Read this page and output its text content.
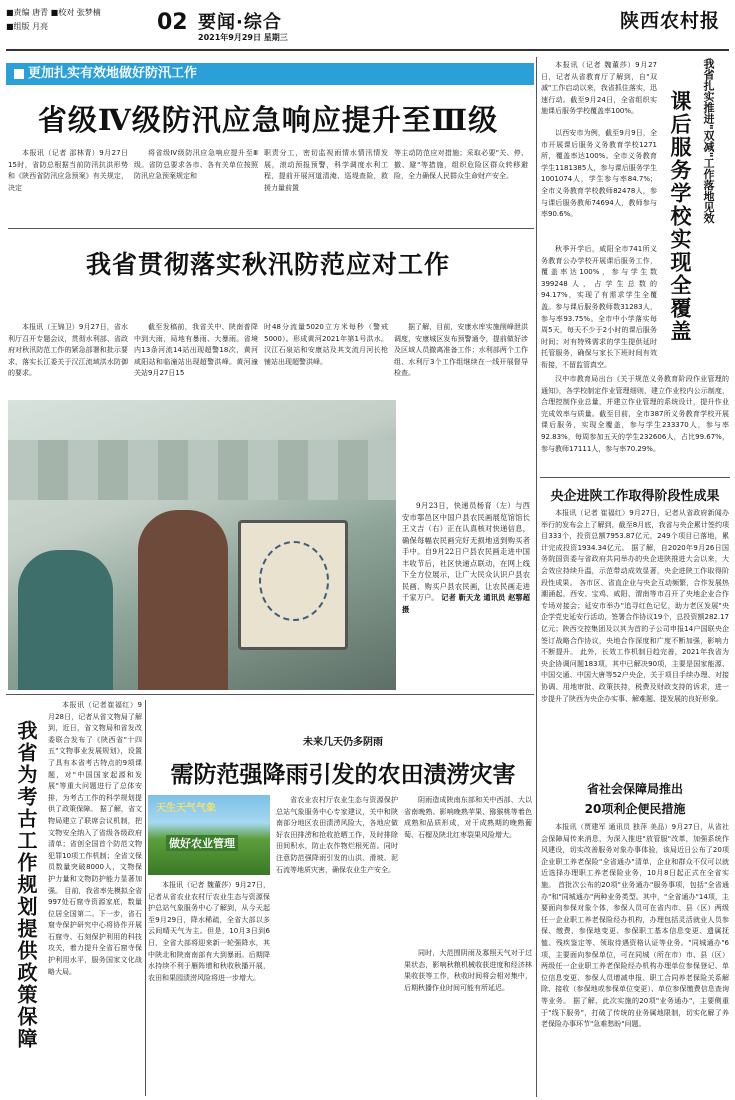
■责编 唐青 ■校对 张梦楠
■组版 月亮	02 要闻·综合
2021年9月29日 星期三
陕西农村报
更加扎实有效地做好防汛工作
省级Ⅳ级防汛应急响应提升至Ⅲ级
本报讯（记者 邵林青）9月27日15时，省防总根据当前防汛抗洪形势和《陕西省防汛应急预案》有关规定，决定
将省级Ⅳ级防汛应急响应提升至Ⅲ级。省防总要求各市、各有关单位按照防汛应急预案规定和
职责分工，密切监视雨情水情汛情发展，滚动预报预警，科学调度水利工程，提前开展河道清淹、巡堤查险，救援力量前置
等主动防范应对措施；采取必要"关、停、撤、避"等措施，组织危险区群众转移避险，全力确保人民群众生命财产安全。
我省贯彻落实秋汛防范应对工作
本报讯（王锦卫）9月27日，省水利厅召开专题会议，贯彻水利部、省政府对秋汛防范工作的紧急部署和批示要求，落实长江委关于汉江流域洪水防御的要求。
截至发稿前，我省关中、陕南普降中到大雨，局地有暴雨、大暴雨。省境内13条河流14站出现超警18次，黄河咸阳站和临潼站出现超警洪峰。黄河潼关站9月27日15
时48分流量5020立方米每秒（警戒5000）。形成黄河2021年第1号洪水。汉江石泉站和安康站及其支流月河长枪铺站出现超警洪峰。
据了解，目前，安康水库实施削峰泄洪调度，安康城区发布预警通令，提前做好涉及区域人员撤离准备工作；水利部两个工作组、水利厅3个工作组继续在一线开展督导检查。
9月23日，快递员杨育（左）与西安市鄠邑区中国户县农民画展览馆馆长王文吉（右）正在认真核对快递信息，确保每幅农民画完好无损地送到购买者手中。自9月22日户县农民画走进中国丰收节后，社区快递点联动，在网上线下全方位展示，让广大民众认识户县农民画、购买户县农民画，让农民画走进千家万户。 记者 靳天龙 通讯员 赵鄠超 摄
我省扎实推进"双减"工作落地见效
课后服务学校实现全覆盖
本报讯（记者 魏董莎）9月27日，记者从省教育厅了解到，自"双减"工作启动以来，我省抓住落实，迅速行动。截至9月24日，全省组织实施课后服务学校覆盖率100%。
以西安市为例，截至9月9日，全市开展课后服务义务教育学校1271所，覆盖率达100%。全市义务教育学生1181385人，参与课后服务学生1001074人，学生参与率84.7%；全市义务教育学校教师82478人，参与课后服务教师74694人，教师参与率90.6%。
秋季开学后，咸阳全市741所义务教育公办学校开展课后服务工作，覆盖率达100%，参与学生数399248人，占学生总数的94.17%，实现了有需求学生全覆盖。参与课后服务教师数31283人，参与率93.75%。全市中小学落实每周5天，每天不少于2小时的课后服务时间；对有特殊需求的学生提供延时托管服务，确保与家长下班时间有效衔接，不留监管真空。
汉中市教育局出台《关于规范义务教育阶段作业管理的通知》，各学校制定作业管理细则，建立作业校内公示制度，合理控制作业总量，并建立作业管理的系统设计，提升作业完成效率与质量。截至目前，全市387所义务教育学校开展课后服务，实现全覆盖，参与学生233370人，参与率92.83%，每周参加五天的学生232606人，占比99.67%，参与教师17111人，参与率70.29%。
央企进陕工作取得阶段性成果
本报讯（记者 崔福红）9月27日，记者从省政府新闻办举行的发布会上了解到，截至8月底，我省与央企累计签约项目333个，投资总额7953.87亿元，249个项目已落地，累计完成投资1934.34亿元。 据了解，自2020年9月26日国务院国资委与省政府共同举办的央企进陕推进大会以来，大会效应持续升温，示范带动成效显著，央企进陕工作取得阶段性成果。 各市区、省直企业与央企互动频繁，合作发展热潮涌起，西安、宝鸡、咸阳、渭南等市召开了央地企业合作专场对接会；延安市举办"追寻红色记忆，助力老区发展"央企学党史延安行活动，签署合作协议19个，总投资额282.17亿元；陕西交控集团及以其为首的子公司申报14户国联央企签订战略合作协议，央地合作深度和广度不断加强，影响力不断提升。 此外，长效工作机制日趋完善，2021年我省为央企协调问题183项，其中已解决90项，主要是国家能源、中国交通、中国大唐等52户央企，关于项目手续办理、对接协调、用地审批、政策扶持，税费及财政支持的诉求，进一步提升了陕西为央企办实事、解难题、提发展的良好形象。
省社会保障局推出
20项利企便民措施
本报讯（贾建军 通讯员 独萍 美品）9月27日，从省社会保障局传来消息，为深入推进"放管服"改革，加强系统作风建设，切实改善服务对象办事体验，该局近日公布了20项企业职工养老保险"全省通办"清单，企业和群众不仅可以就近选择办理职工养老保险业务，10月8日起正式在全省实施。 首批次公布的20项"业务通办"服务事项，包括"全省通办"和"同城通办"两种业务类型。其中，"全省通办"14项，主要面向参保对象个体，参保人员可在省内市、县（区）两级任一企业职工养老保险经办机构，办理包括灵活就业人员参保、缴费、参保地变更、参保职工基本信息变更、遗属抚恤、残疾鉴定等、领取待遇资格认证等业务。"同城通办"6项，主要面向参保单位，可在同城（所在市）市、县（区）两级任一企业职工养老保险经办机构办理单位参保登记、单位信息变更、参保人员增减申报、职工合同养老保险关系解除、接收（参保地或参保单位变更）、单位参保缴费信息查询等业务。 据了解，此次实施的20项"业务通办"，主要侧重于"线下服务"，打破了传统的业务属地限制，切实化解了养老保险办事环节"急难愁盼"问题。
我省为考古工作规划提供政策保障
本报讯（记者崔福红）9月28日，记者从省文物局了解到，近日，省文物局和省发改委联合发布了《陕西省"十四五"文物事业发展规划》，设置了具有本省考古特点的9项课题，对"中国国家起源和发展"等重大问题进行了总体安排，为考古工作的科学规划提供了政策保障。 据了解，省文物局建立了联席会议机制，把文物安全纳入了省级各级政府清单；省创全国首个防范文物犯罪10项工作机制；全省文保员数量突破8000人，文物保护力量和文物防护能力显著加强。 目前，我省率先模拟全省997处石窟寺资源家底，数量位居全国第二。下一步，省石窟寺保护研究中心将协作开展石窟寺、石刻保护利用的科技攻关，着力提升全省石窟寺保护利用水平，服务国家文化战略大局。
未来几天仍多阴雨
需防范强降雨引发的农田渍涝灾害
天生天气气象
做好农业管理
本报讯（记者 魏董莎）9月27日，记者从省农业农村厅农业生态与资源保护总站气象服务中心了解到，从今天起至9月29日，降水稀疏，全省大部以多云间晴天气为主。但是，10月3日到6日，全省大部将迎来新一轮强降水，其中陕北和陕南南部有大到暴雨。后期降水持续不利于雁阵增和秋收秋播开展，农田和果园渍涝风险将进一步增大。
省农业农村厅农业生态与资源保护总站气象服务中心专家建议，关中和陕南部分地区农田渍涝风险大，各地应做好农田排涝和抢收抢晒工作，及时排除田间积水，防止农作物烂根死苗。同时注意防范强降雨引发的山洪、滑坡、泥石流等地质灾害，确保农业生产安全。
阴雨造成陕南东部和关中西部、大以省南晚熟、影响晚熟苹果、猕猴桃等着色成熟和品质形成，对干成熟期的晚熟葡萄、石榴及陕北红枣裂果风险增大。
同时，大范围阴雨及寡照天气对于过果状态，影响秋粮机械收获进度和经济林果收获等工作，秋收时间将会相对集中，后期秋播作业时间可能有所延迟。
